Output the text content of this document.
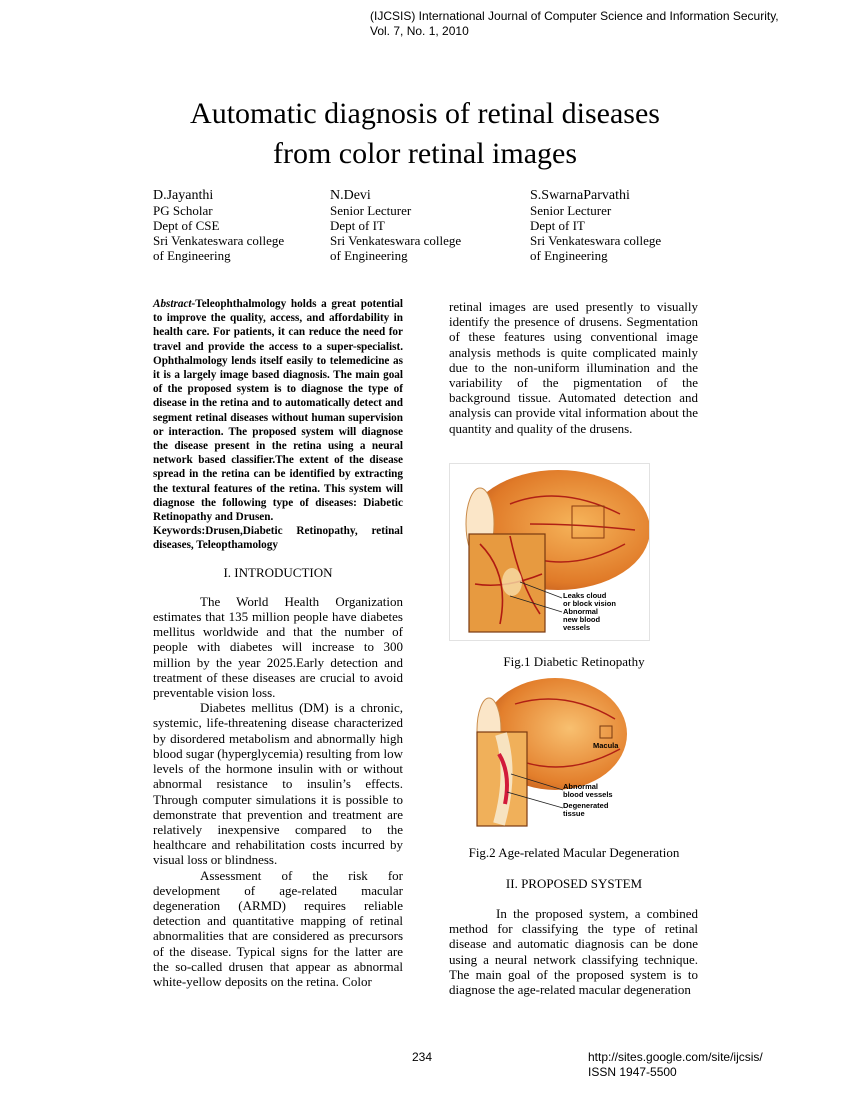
(IJCSIS) International Journal of Computer Science and Information Security,
Vol. 7, No. 1, 2010
Automatic diagnosis of retinal diseases
from color retinal images
D.Jayanthi
PG Scholar
Dept of CSE
Sri Venkateswara college
of Engineering
N.Devi
Senior Lecturer
Dept of IT
Sri Venkateswara college
of Engineering
S.SwarnaParvathi
Senior Lecturer
Dept of IT
Sri Venkateswara college
of Engineering
Abstract-Teleophthalmology holds a great potential to improve the quality, access, and affordability in health care. For patients, it can reduce the need for travel and provide the access to a super-specialist. Ophthalmology lends itself easily to telemedicine as it is a largely image based diagnosis. The main goal of the proposed system is to diagnose the type of disease in the retina and to automatically detect and segment retinal diseases without human supervision or interaction. The proposed system will diagnose the disease present in the retina using a neural network based classifier.The extent of the disease spread in the retina can be identified by extracting the textural features of the retina. This system will diagnose the following type of diseases: Diabetic Retinopathy and Drusen.
Keywords:Drusen,Diabetic Retinopathy, retinal diseases, Teleopthamology
I. INTRODUCTION

The World Health Organization estimates that 135 million people have diabetes mellitus worldwide and that the number of people with diabetes will increase to 300 million by the year 2025.Early detection and treatment of these diseases are crucial to avoid preventable vision loss.

Diabetes mellitus (DM) is a chronic, systemic, life-threatening disease characterized by disordered metabolism and abnormally high blood sugar (hyperglycemia) resulting from low levels of the hormone insulin with or without abnormal resistance to insulin’s effects. Through computer simulations it is possible to demonstrate that prevention and treatment are relatively inexpensive compared to the healthcare and rehabilitation costs incurred by visual loss or blindness.

Assessment of the risk for development of age-related macular degeneration (ARMD) requires reliable detection and quantitative mapping of retinal abnormalities that are considered as precursors of the disease. Typical signs for the latter are the so-called drusen that appear as abnormal white-yellow deposits on the retina. Color

retinal images are used presently to visually identify the presence of drusens. Segmentation of these features using conventional image analysis methods is quite complicated mainly due to the non-uniform illumination and the variability of the pigmentation of the background tissue. Automated detection and analysis can provide vital information about the quantity and quality of the drusens.
Leaks cloud
or block vision
Abnormal
new blood
vessels
Fig.1 Diabetic Retinopathy
Macula
Abnormal
blood vessels
Degenerated
tissue
Fig.2 Age-related Macular Degeneration
II. PROPOSED SYSTEM

In the proposed system, a combined method for classifying the type of retinal disease and automatic diagnosis can be done using a neural network classifying technique. The main goal of the proposed system is to diagnose the age-related macular degeneration

234	http://sites.google.com/site/ijcsis/
ISSN 1947-5500
